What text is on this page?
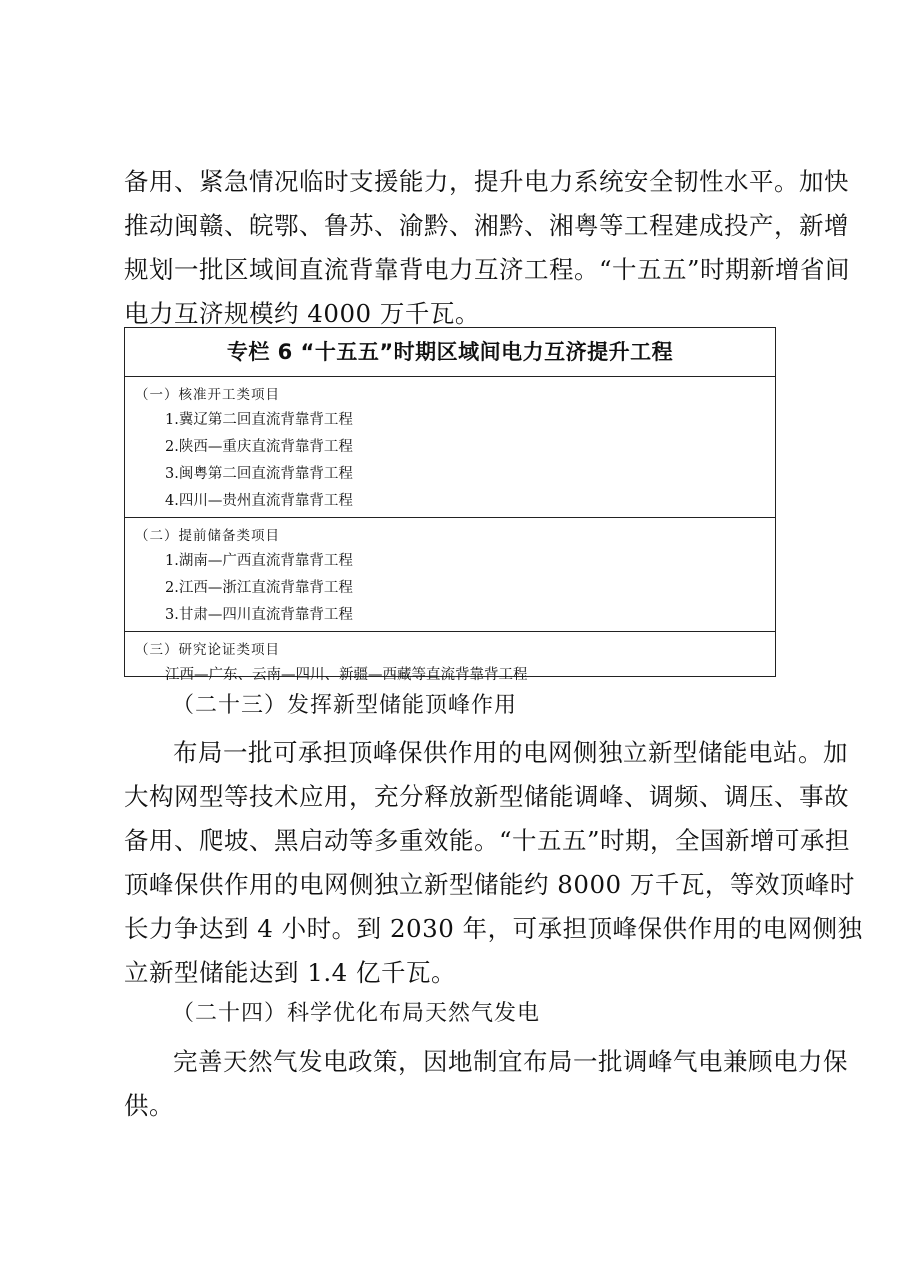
备用、紧急情况临时支援能力，提升电力系统安全韧性水平。加快
推动闽赣、皖鄂、鲁苏、渝黔、湘黔、湘粤等工程建成投产，新增
规划一批区域间直流背靠背电力互济工程。“十五五”时期新增省间
电力互济规模约 4000 万千瓦。
专栏 6 “十五五”时期区域间电力互济提升工程
（一）核准开工类项目
1.冀辽第二回直流背靠背工程
2.陕西—重庆直流背靠背工程
3.闽粤第二回直流背靠背工程
4.四川—贵州直流背靠背工程
（二）提前储备类项目
1.湖南—广西直流背靠背工程
2.江西—浙江直流背靠背工程
3.甘肃—四川直流背靠背工程
（三）研究论证类项目
江西—广东、云南—四川、新疆—西藏等直流背靠背工程
（二十三）发挥新型储能顶峰作用
布局一批可承担顶峰保供作用的电网侧独立新型储能电站。加
大构网型等技术应用，充分释放新型储能调峰、调频、调压、事故
备用、爬坡、黑启动等多重效能。“十五五”时期，全国新增可承担
顶峰保供作用的电网侧独立新型储能约 8000 万千瓦，等效顶峰时
长力争达到 4 小时。到 2030 年，可承担顶峰保供作用的电网侧独
立新型储能达到 1.4 亿千瓦。
（二十四）科学优化布局天然气发电
完善天然气发电政策，因地制宜布局一批调峰气电兼顾电力保
供。
